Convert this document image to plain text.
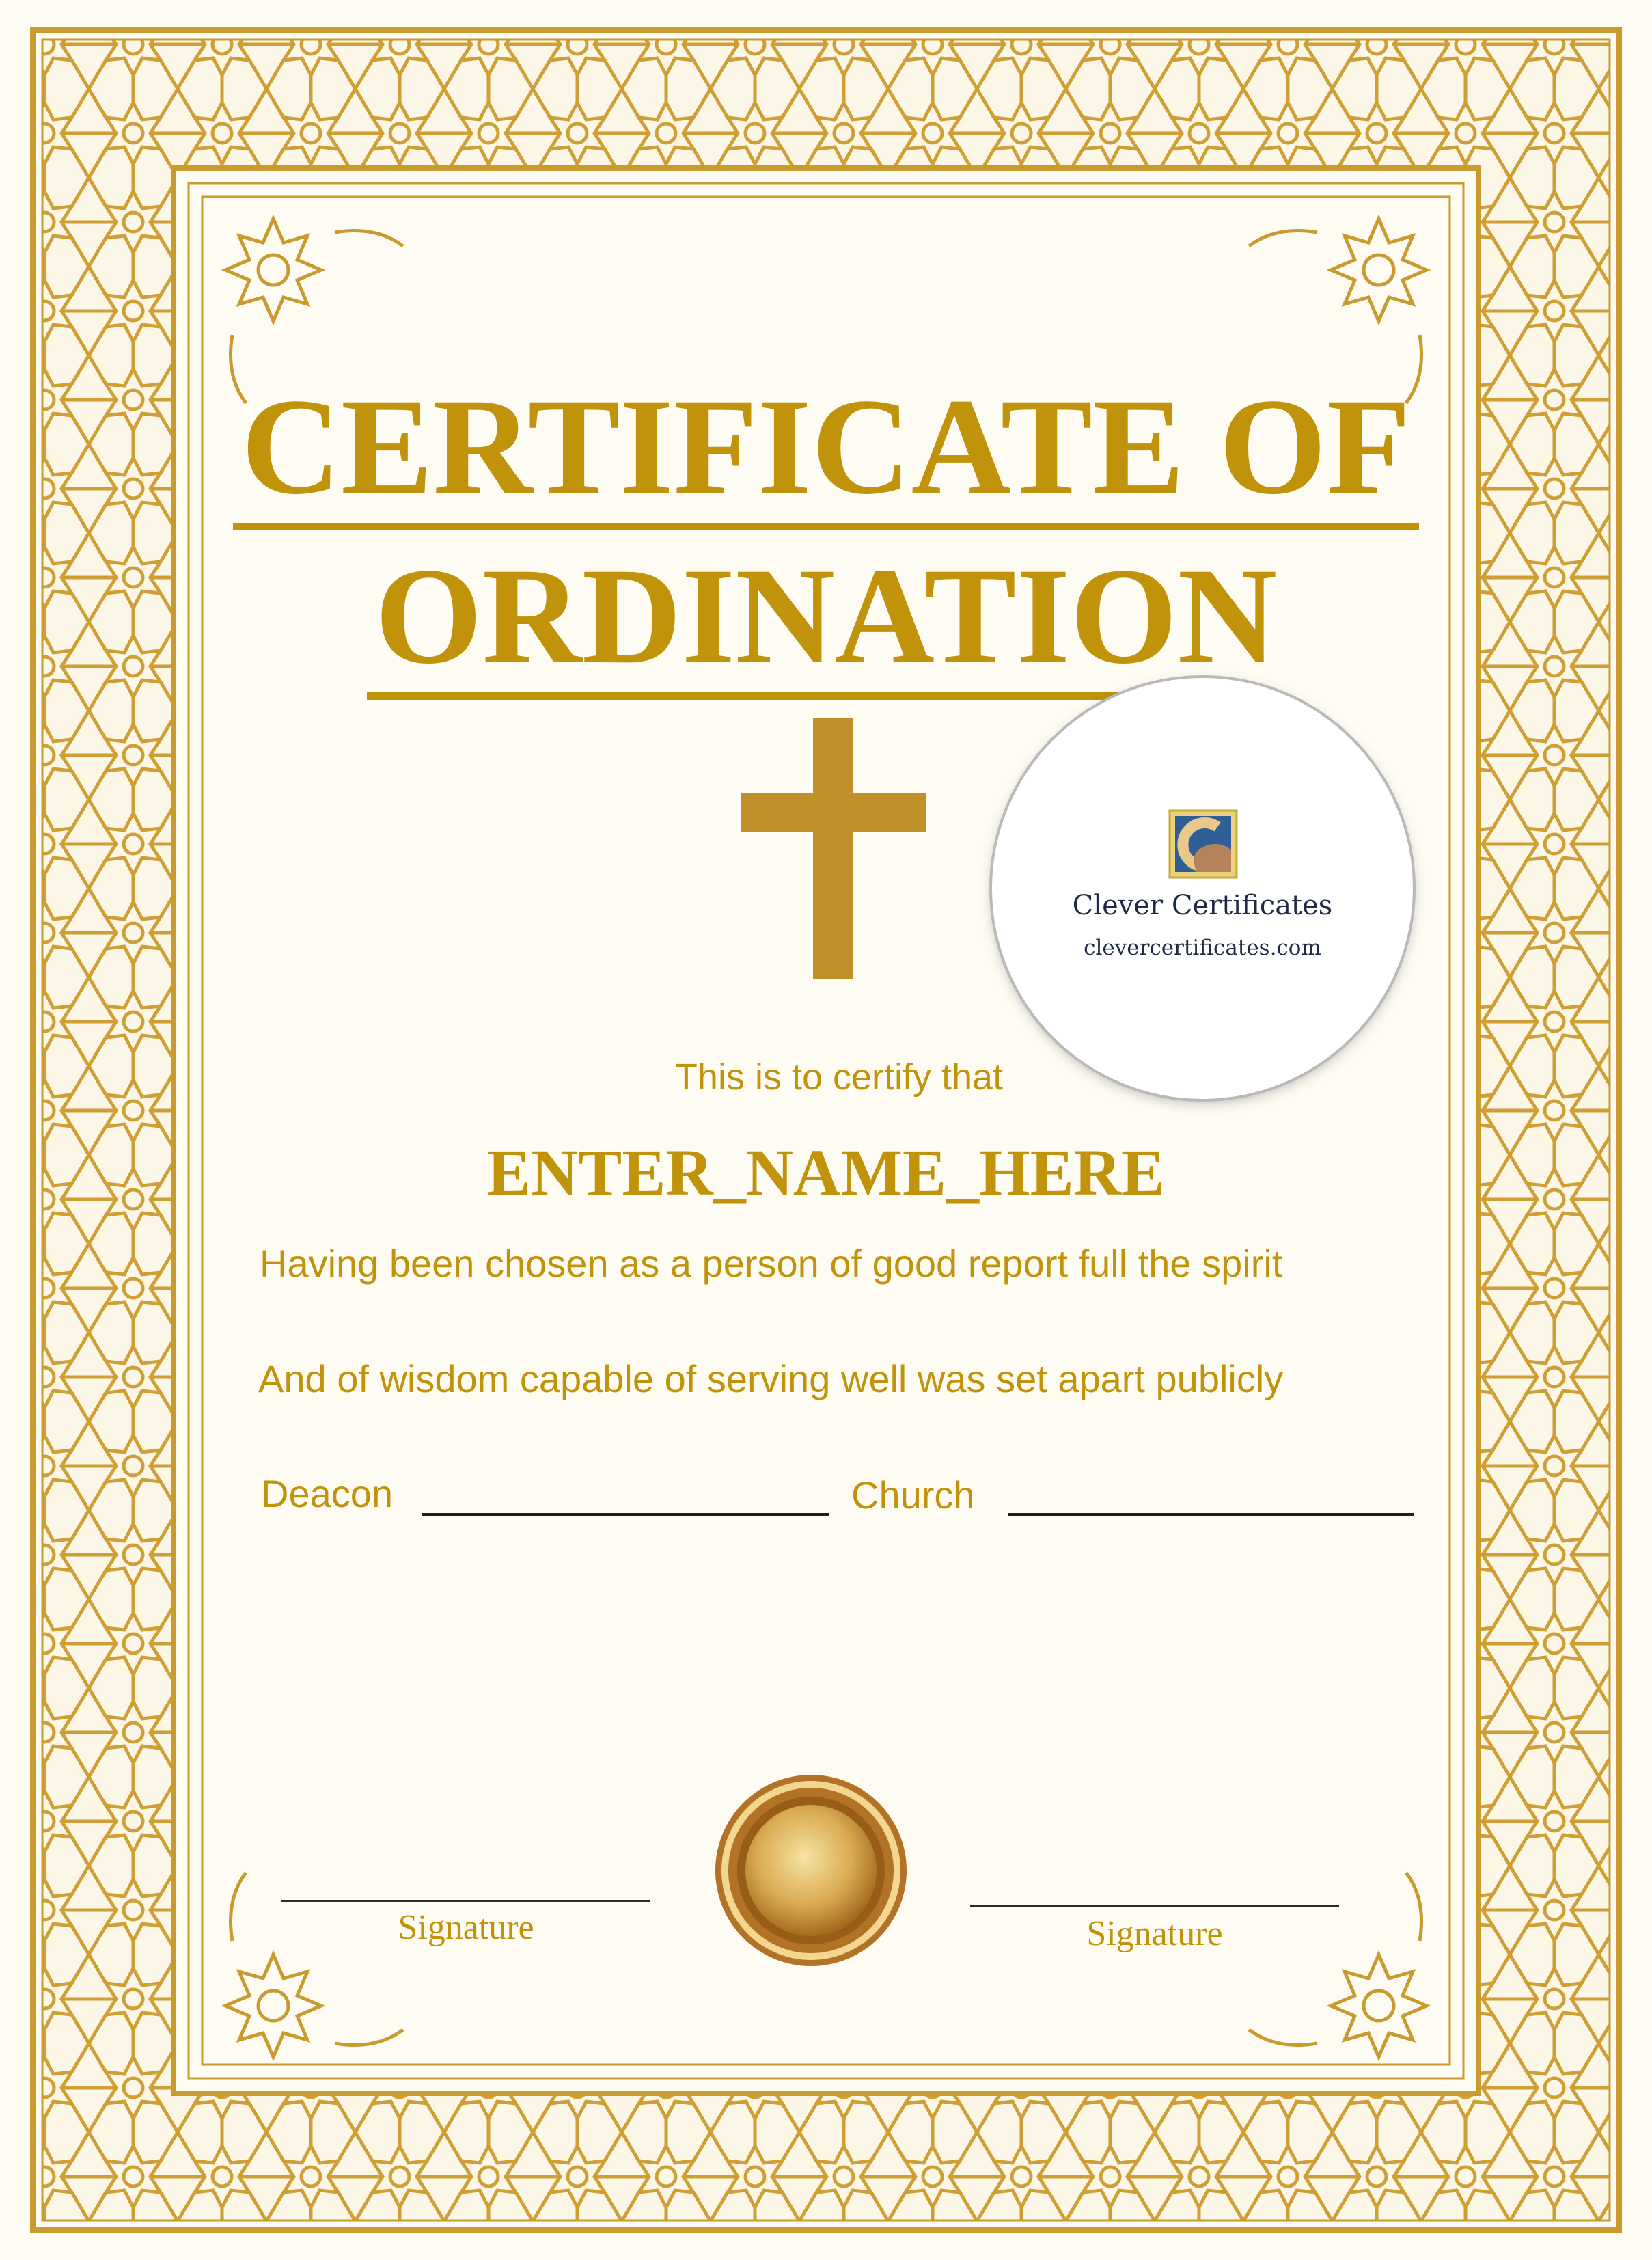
CERTIFICATE OF
ORDINATION
Clever Certificates
clevercertificates.com
This is to certify that
ENTER_NAME_HERE
Having been chosen as a person of good report full the spirit
And of wisdom capable of serving well was set apart publicly
Deacon	Church
Signature	Signature
